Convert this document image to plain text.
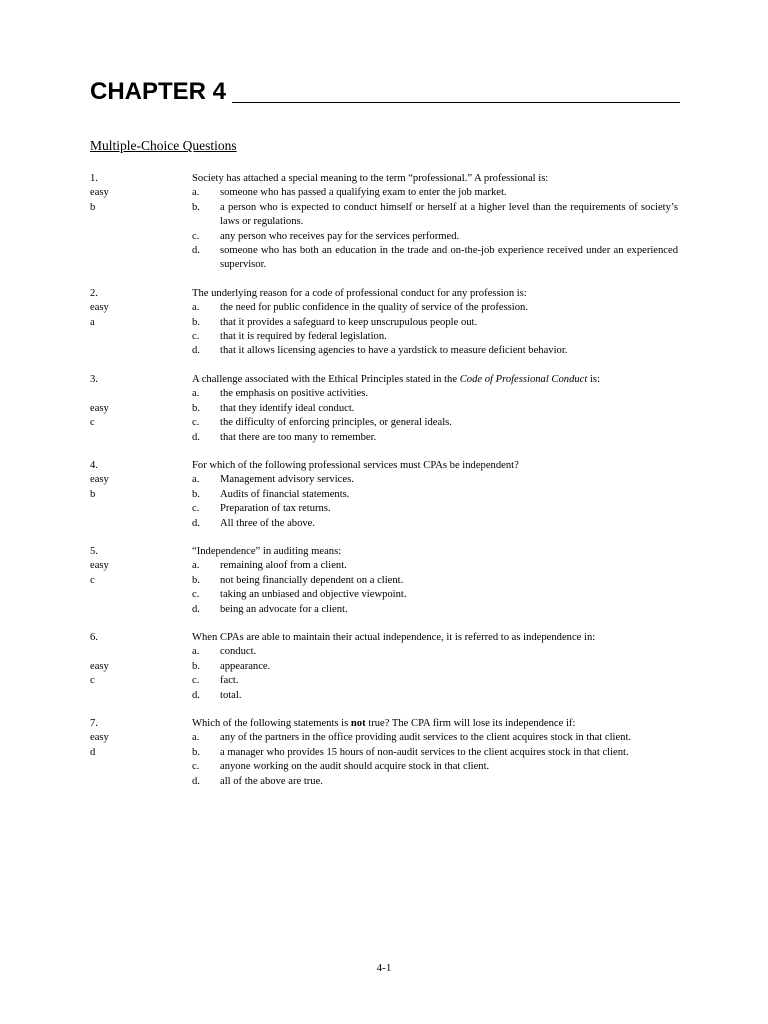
CHAPTER 4
Multiple-Choice Questions
1.
easy
b
Society has attached a special meaning to the term “professional.” A professional is:
a.	someone who has passed a qualifying exam to enter the job market.
b.	a person who is expected to conduct himself or herself at a higher level than the requirements of society’s laws or regulations.
c.	any person who receives pay for the services performed.
d.	someone who has both an education in the trade and on-the-job experience received under an experienced supervisor.
2.
easy
a
The underlying reason for a code of professional conduct for any profession is:
a.	the need for public confidence in the quality of service of the profession.
b.	that it provides a safeguard to keep unscrupulous people out.
c.	that it is required by federal legislation.
d.	that it allows licensing agencies to have a yardstick to measure deficient behavior.
3.
easy
c
A challenge associated with the Ethical Principles stated in the Code of Professional Conduct is:
a.	the emphasis on positive activities.
b.	that they identify ideal conduct.
c.	the difficulty of enforcing principles, or general ideals.
d.	that there are too many to remember.
4.
easy
b
For which of the following professional services must CPAs be independent?
a.	Management advisory services.
b.	Audits of financial statements.
c.	Preparation of tax returns.
d.	All three of the above.
5.
easy
c
“Independence” in auditing means:
a.	remaining aloof from a client.
b.	not being financially dependent on a client.
c.	taking an unbiased and objective viewpoint.
d.	being an advocate for a client.
6.
easy
c
When CPAs are able to maintain their actual independence, it is referred to as independence in:
a.	conduct.
b.	appearance.
c.	fact.
d.	total.
7.
easy
d
Which of the following statements is not true? The CPA firm will lose its independence if:
a.	any of the partners in the office providing audit services to the client acquires stock in that client.
b.	a manager who provides 15 hours of non-audit services to the client acquires stock in that client.
c.	anyone working on the audit should acquire stock in that client.
d.	all of the above are true.
4-1
